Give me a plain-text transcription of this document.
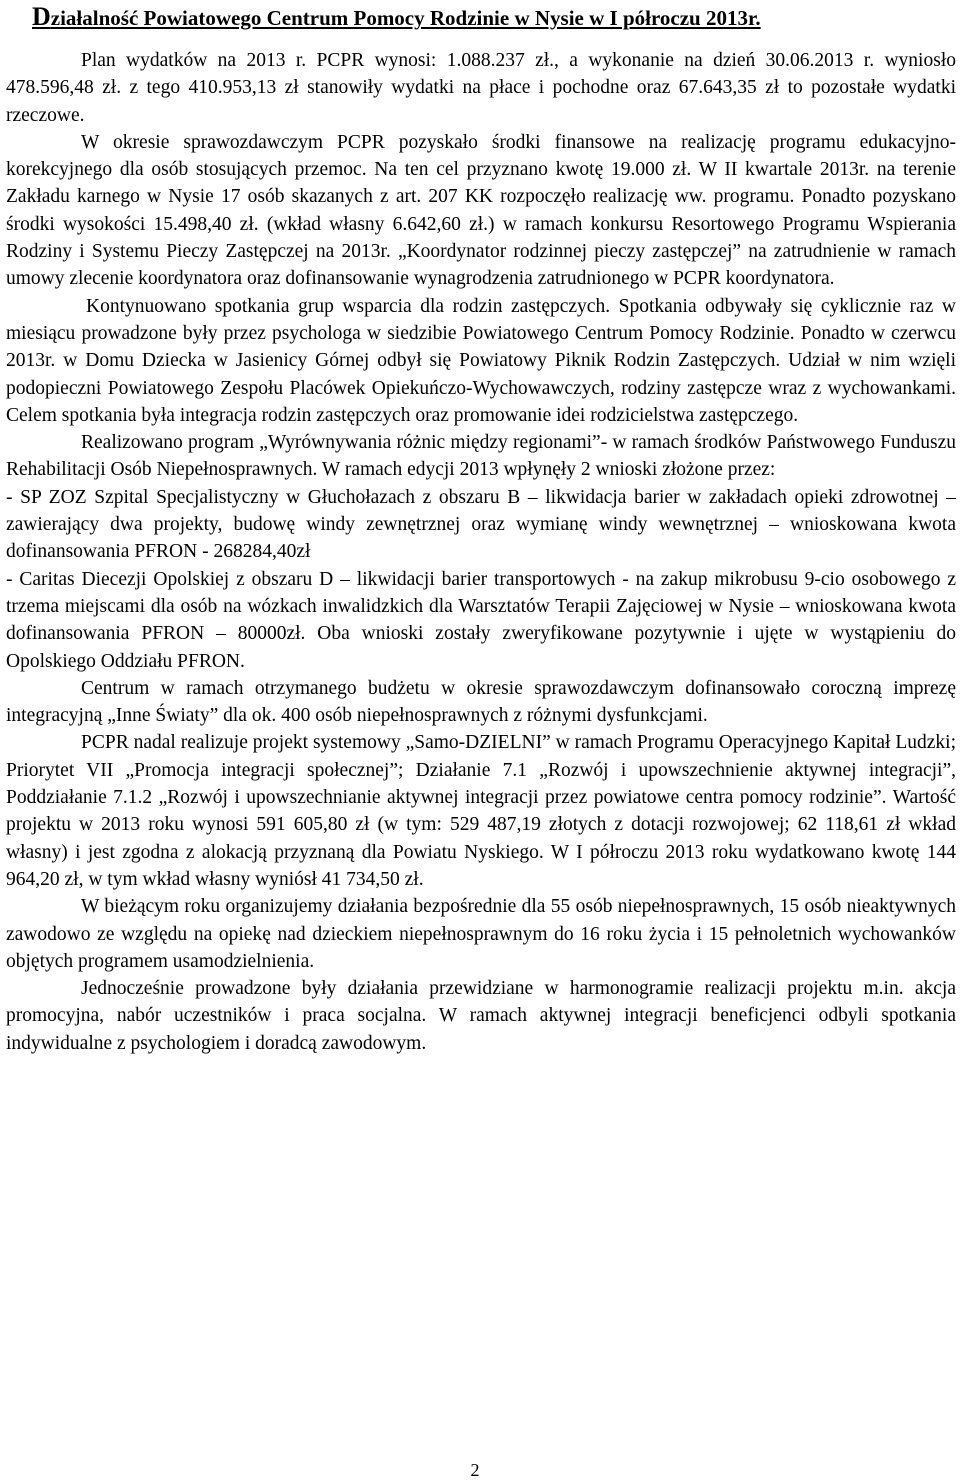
Działalność Powiatowego Centrum Pomocy Rodzinie w Nysie w I półroczu 2013r.

Plan wydatków na 2013 r. PCPR wynosi: 1.088.237 zł., a wykonanie na dzień 30.06.2013 r. wyniosło 478.596,48 zł. z tego 410.953,13 zł stanowiły wydatki na płace i pochodne oraz 67.643,35 zł to pozostałe wydatki rzeczowe.

W okresie sprawozdawczym PCPR pozyskało środki finansowe na realizację programu edukacyjno-korekcyjnego dla osób stosujących przemoc. Na ten cel przyznano kwotę 19.000 zł. W II kwartale 2013r. na terenie Zakładu karnego w Nysie 17 osób skazanych z art. 207 KK rozpoczęło realizację ww. programu. Ponadto pozyskano środki wysokości 15.498,40 zł. (wkład własny 6.642,60 zł.) w ramach konkursu Resortowego Programu Wspierania Rodziny i Systemu Pieczy Zastępczej na 2013r. „Koordynator rodzinnej pieczy zastępczej” na zatrudnienie w ramach umowy zlecenie koordynatora oraz dofinansowanie wynagrodzenia zatrudnionego w PCPR koordynatora.

Kontynuowano spotkania grup wsparcia dla rodzin zastępczych. Spotkania odbywały się cyklicznie raz w miesiącu prowadzone były przez psychologa w siedzibie Powiatowego Centrum Pomocy Rodzinie. Ponadto w czerwcu 2013r. w Domu Dziecka w Jasienicy Górnej odbył się Powiatowy Piknik Rodzin Zastępczych. Udział w nim wzięli podopieczni Powiatowego Zespołu Placówek Opiekuńczo-Wychowawczych, rodziny zastępcze wraz z wychowankami. Celem spotkania była integracja rodzin zastępczych oraz promowanie idei rodzicielstwa zastępczego.

Realizowano program „Wyrównywania różnic między regionami”- w ramach środków Państwowego Funduszu Rehabilitacji Osób Niepełnosprawnych. W ramach edycji 2013 wpłynęły 2 wnioski złożone przez:

- SP ZOZ Szpital Specjalistyczny w Głuchołazach z obszaru B – likwidacja barier w zakładach opieki zdrowotnej – zawierający dwa projekty, budowę windy zewnętrznej oraz wymianę windy wewnętrznej – wnioskowana kwota dofinansowania PFRON - 268284,40zł

- Caritas Diecezji Opolskiej z obszaru D – likwidacji barier transportowych - na zakup mikrobusu 9-cio osobowego z trzema miejscami dla osób na wózkach inwalidzkich dla Warsztatów Terapii Zajęciowej w Nysie – wnioskowana kwota dofinansowania PFRON – 80000zł. Oba wnioski zostały zweryfikowane pozytywnie i ujęte w wystąpieniu do Opolskiego Oddziału PFRON.

Centrum w ramach otrzymanego budżetu w okresie sprawozdawczym dofinansowało coroczną imprezę integracyjną „Inne Światy” dla ok. 400 osób niepełnosprawnych z różnymi dysfunkcjami.

PCPR nadal realizuje projekt systemowy „Samo-DZIELNI” w ramach Programu Operacyjnego Kapitał Ludzki; Priorytet VII „Promocja integracji społecznej”; Działanie 7.1 „Rozwój i upowszechnienie aktywnej integracji”, Poddziałanie 7.1.2 „Rozwój i upowszechnianie aktywnej integracji przez powiatowe centra pomocy rodzinie”. Wartość projektu w 2013 roku wynosi 591 605,80 zł (w tym: 529 487,19 złotych z dotacji rozwojowej; 62 118,61 zł wkład własny) i jest zgodna z alokacją przyznaną dla Powiatu Nyskiego. W I półroczu 2013 roku wydatkowano kwotę 144 964,20 zł, w tym wkład własny wyniósł 41 734,50 zł.

W bieżącym roku organizujemy działania bezpośrednie dla 55 osób niepełnosprawnych, 15 osób nieaktywnych zawodowo ze względu na opiekę nad dzieckiem niepełnosprawnym do 16 roku życia i 15 pełnoletnich wychowanków objętych programem usamodzielnienia.

Jednocześnie prowadzone były działania przewidziane w harmonogramie realizacji projektu m.in. akcja promocyjna, nabór uczestników i praca socjalna. W ramach aktywnej integracji beneficjenci odbyli spotkania indywidualne z psychologiem i doradcą zawodowym.

2
